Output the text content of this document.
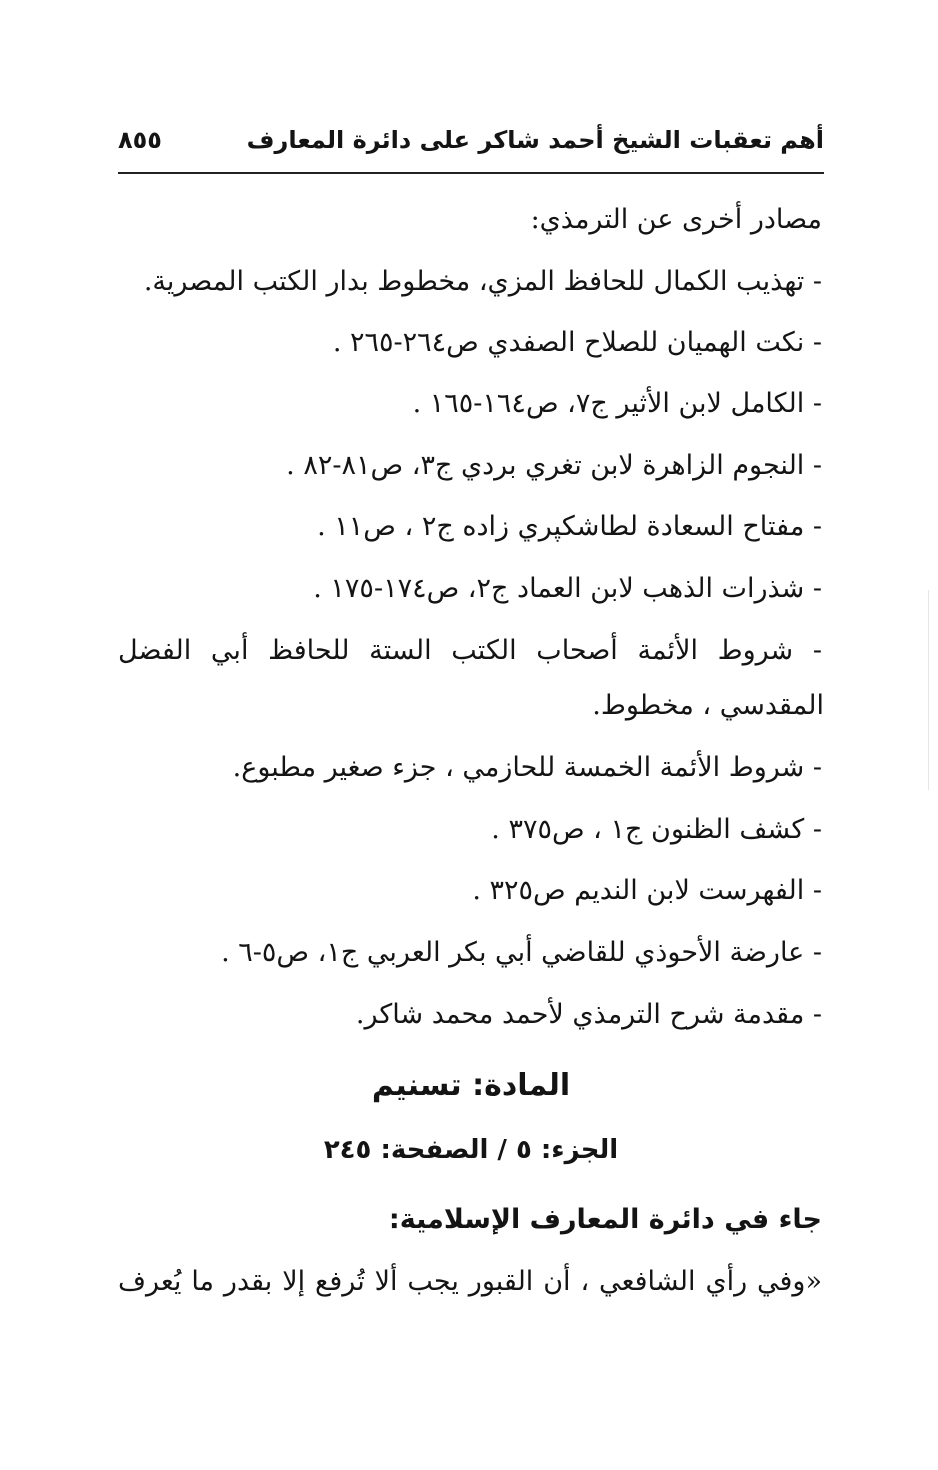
أهم تعقبات الشيخ أحمد شاكر على دائرة المعارف
٨٥٥
مصادر أخرى عن الترمذي:
- تهذيب الكمال للحافظ المزي، مخطوط بدار الكتب المصرية.
- نكت الهميان للصلاح الصفدي ص٢٦٤-٢٦٥ .
- الكامل لابن الأثير ج٧، ص١٦٤-١٦٥ .
- النجوم الزاهرة لابن تغري بردي ج٣، ص٨١-٨٢ .
- مفتاح السعادة لطاشكپري زاده ج٢ ، ص١١ .
- شذرات الذهب لابن العماد ج٢، ص١٧٤-١٧٥ .
- شروط الأئمة أصحاب الكتب الستة للحافظ أبي الفضل
المقدسي ، مخطوط.
- شروط الأئمة الخمسة للحازمي ، جزء صغير مطبوع.
- كشف الظنون ج١ ، ص٣٧٥ .
- الفهرست لابن النديم ص٣٢٥ .
- عارضة الأحوذي للقاضي أبي بكر العربي ج١، ص٥-٦ .
- مقدمة شرح الترمذي لأحمد محمد شاكر.
المادة: تسنيم
الجزء: ٥ / الصفحة: ٢٤٥
جاء في دائرة المعارف الإسلامية:
«وفي رأي الشافعي ، أن القبور يجب ألا تُرفع إلا بقدر ما يُعرف
